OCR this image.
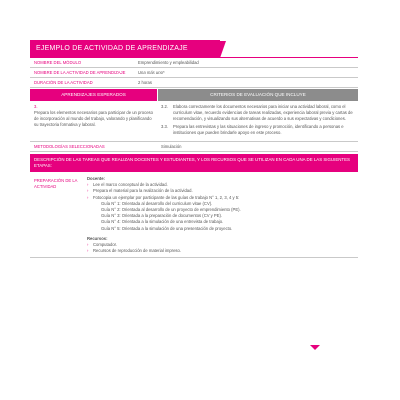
EJEMPLO DE ACTIVIDAD DE APRENDIZAJE
NOMBRE DEL MÓDULO	Emprendimiento y empleabilidad
NOMBRE DE LA ACTIVIDAD DE APRENDIZAJE	Una más uno*
DURACIÓN DE LA ACTIVIDAD	2 horas
APRENDIZAJES ESPERADOS	CRITERIOS DE EVALUACIÓN QUE INCLUYE
3.
Prepara los elementos necesarios para participar de un proceso de incorporación al mundo del trabajo, valorando y planificando su trayectoria formativa y laboral.
3.2.	Elabora correctamente los documentos necesarios para iniciar una actividad laboral, como el curriculum vitae, recuerdo evidencias de tareas realizadas, experiencia laboral previa y cartas de recomendación, y visualizando sus alternativas de acuerdo a sus expectativas y condiciones.
3.3.	Prepara las entrevistas y las situaciones de ingreso y promoción, identificando a personas e instituciones que pueden brindarle apoyo en este proceso.
METODOLOGÍAS SELECCIONADAS	Simulación
DESCRIPCIÓN DE LAS TAREAS QUE REALIZAN DOCENTES Y ESTUDIANTES, Y LOS RECURSOS QUE SE UTILIZAN EN CADA UNA DE LAS SIGUIENTES ETAPAS:
PREPARACIÓN DE LA ACTIVIDAD
Docente:
›	Lee el marco conceptual de la actividad.
›	Prepara el material para la realización de la actividad.
›	Fotocopia un ejemplar por participante de las guías de trabajo N° 1, 2, 3, 4 y 5:
Guía N° 1: Orientada al desarrollo del curriculum vitae (CV).
Guía N° 2: Orientada al desarrollo de un proyecto de emprendimiento (PE).
Guía N° 3: Orientada a la preparación de documentos (CV y PE).
Guía N° 4: Orientada a la simulación de una entrevista de trabajo.
Guía N° 5: Orientada a la simulación de una presentación de proyecto.
Recursos:
›	Computador.
›	Recursos de reproducción de material impreso.
